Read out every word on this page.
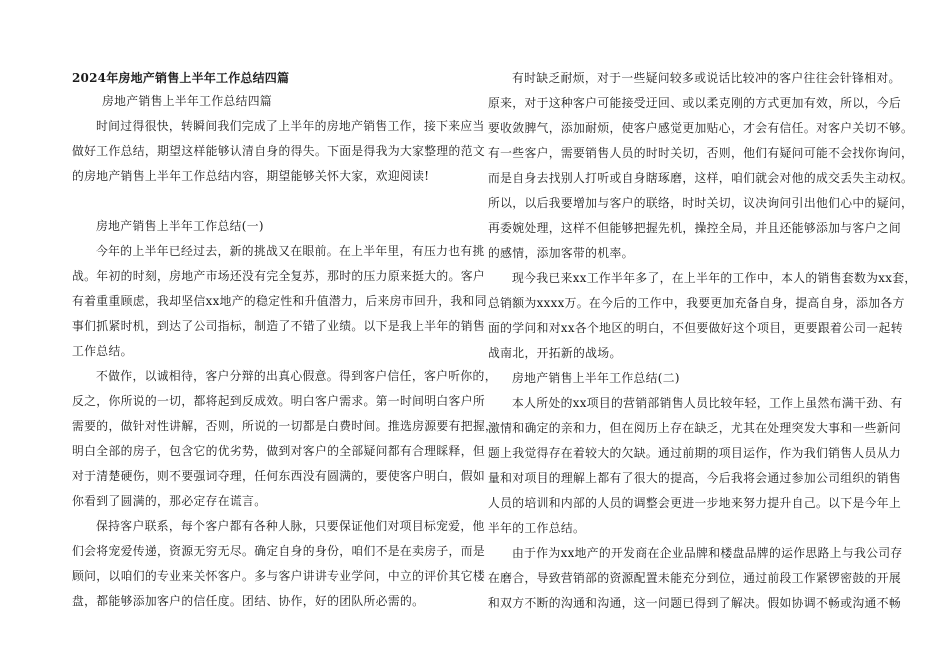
2024年房地产销售上半年工作总结四篇
房地产销售上半年工作总结四篇
时间过得很快，转瞬间我们完成了上半年的房地产销售工作，接下来应当
做好工作总结，期望这样能够认清自身的得失。下面是得我为大家整理的范文
的房地产销售上半年工作总结内容，期望能够关怀大家，欢迎阅读!
房地产销售上半年工作总结(一)
今年的上半年已经过去，新的挑战又在眼前。在上半年里，有压力也有挑
战。年初的时刻，房地产市场还没有完全复苏，那时的压力原来挺大的。客户
有着重重顾虑，我却坚信xx地产的稳定性和升值潜力，后来房市回升，我和同
事们抓紧时机，到达了公司指标，制造了不错了业绩。以下是我上半年的销售
工作总结。
不做作，以诚相待，客户分辩的出真心假意。得到客户信任，客户听你的，
反之，你所说的一切，都将起到反成效。明白客户需求。第一时间明白客户所
需要的，做针对性讲解，否则，所说的一切都是白费时间。推选房源要有把握，
明白全部的房子，包含它的优劣势，做到对客户的全部疑问都有合理睬释，但
对于清楚硬伤，则不要强词夺理，任何东西没有圆满的，要使客户明白，假如
你看到了圆满的，那必定存在谎言。
保持客户联系，每个客户都有各种人脉，只要保证他们对项目标宠爱，他
们会将宠爱传递，资源无穷无尽。确定自身的身份，咱们不是在卖房子，而是
顾问，以咱们的专业来关怀客户。多与客户讲讲专业学问，中立的评价其它楼
盘，都能够添加客户的信任度。团结、协作，好的团队所必需的。
有时缺乏耐烦，对于一些疑问较多或说话比较冲的客户往往会针锋相对。
原来，对于这种客户可能接受迂回、或以柔克刚的方式更加有效，所以，今后
要收敛脾气，添加耐烦，使客户感觉更加贴心，才会有信任。对客户关切不够。
有一些客户，需要销售人员的时时关切，否则，他们有疑问可能不会找你询问，
而是自身去找别人打听或自身瞎琢磨，这样，咱们就会对他的成交丢失主动权。
所以，以后我要增加与客户的联络，时时关切，议决询问引出他们心中的疑问，
再委婉处理，这样不但能够把握先机，操控全局，并且还能够添加与客户之间
的感情，添加客带的机率。
现今我已来xx工作半年多了，在上半年的工作中，本人的销售套数为xx套，
总销额为xxxx万。在今后的工作中，我要更加充备自身，提高自身，添加各方
面的学问和对xx各个地区的明白，不但要做好这个项目，更要跟着公司一起转
战南北，开拓新的战场。
房地产销售上半年工作总结(二)
本人所处的xx项目的营销部销售人员比较年轻，工作上虽然布满干劲、有
激情和确定的亲和力，但在阅历上存在缺乏，尤其在处理突发大事和一些新问
题上我觉得存在着较大的欠缺。通过前期的项目运作，作为我们销售人员从力
量和对项目的理解上都有了很大的提高，今后我将会通过参加公司组织的销售
人员的培训和内部的人员的调整会更进一步地来努力提升自己。以下是今年上
半年的工作总结。
由于作为xx地产的开发商在企业品牌和楼盘品牌的运作思路上与我公司存
在磨合，导致营销部的资源配置未能充分到位，通过前段工作紧锣密鼓的开展
和双方不断的沟通和沟通，这一问题已得到了解决。假如协调不畅或沟通不畅
